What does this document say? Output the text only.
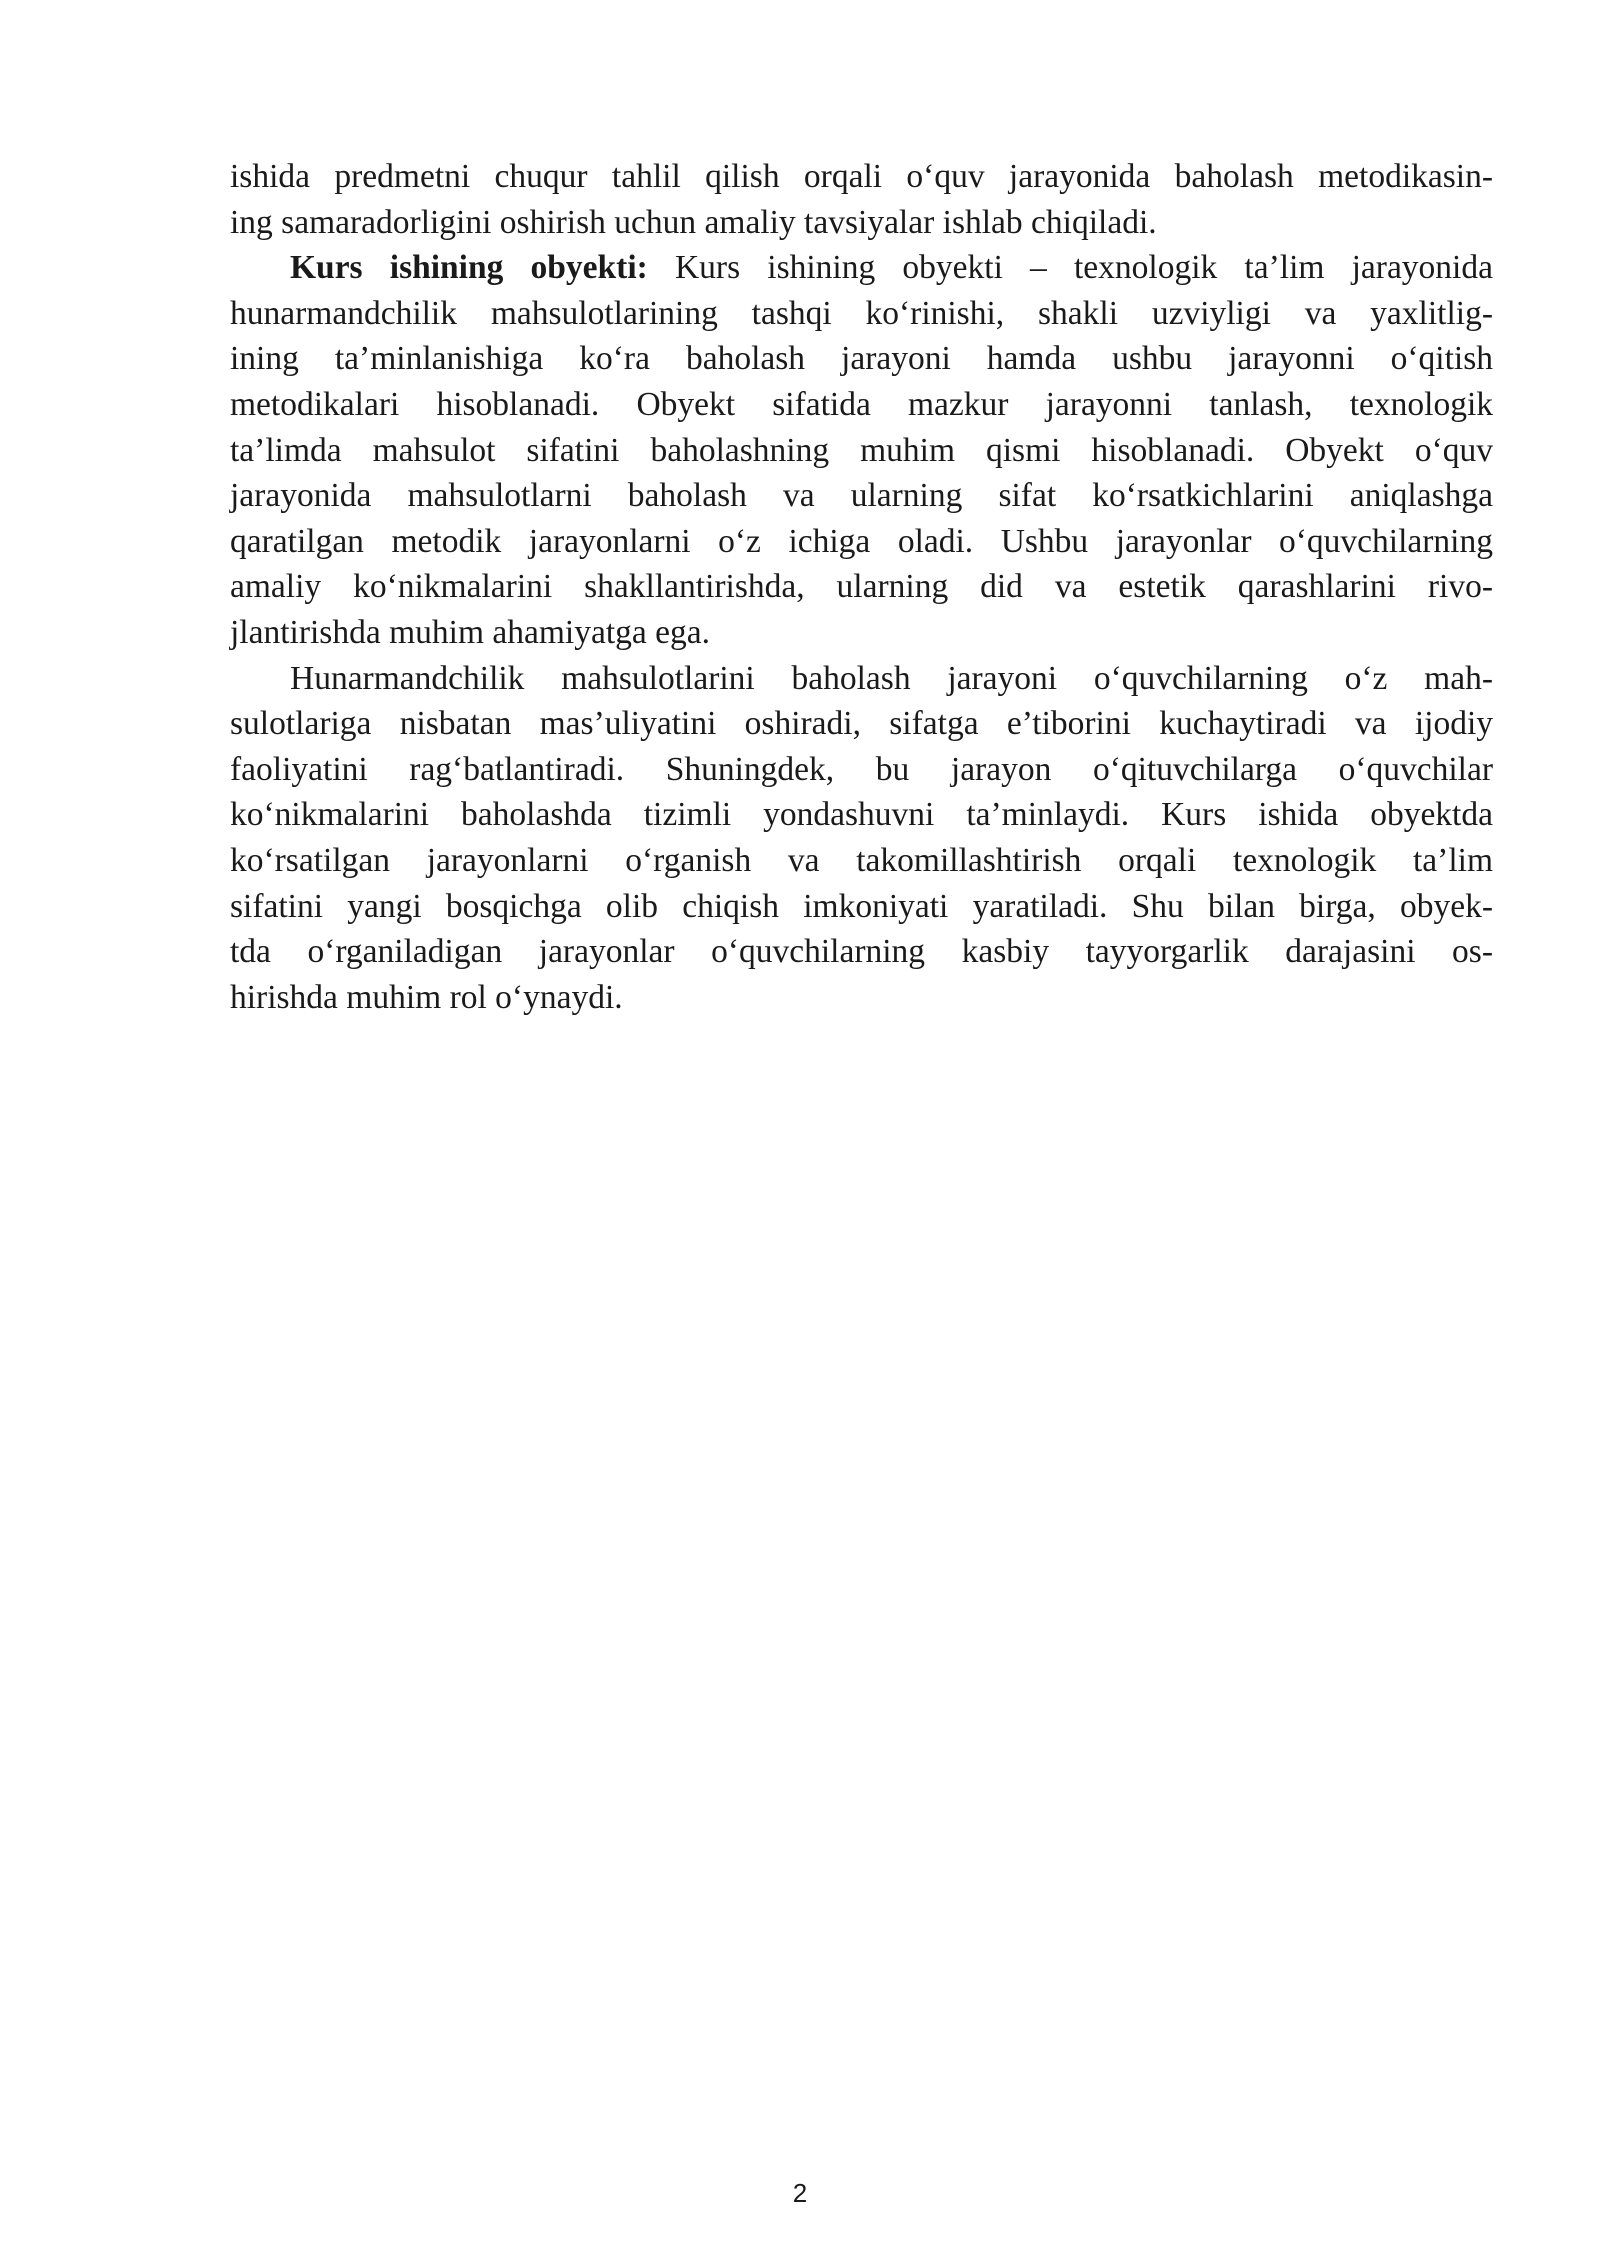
ishida predmetni chuqur tahlil qilish orqali o‘quv jarayonida baholash metodikasin-
ing samaradorligini oshirish uchun amaliy tavsiyalar ishlab chiqiladi.
Kurs ishining obyekti: Kurs ishining obyekti – texnologik ta’lim jarayonida
hunarmandchilik mahsulotlarining tashqi ko‘rinishi, shakli uzviyligi va yaxlitlig-
ining ta’minlanishiga ko‘ra baholash jarayoni hamda ushbu jarayonni o‘qitish
metodikalari hisoblanadi. Obyekt sifatida mazkur jarayonni tanlash, texnologik
ta’limda mahsulot sifatini baholashning muhim qismi hisoblanadi. Obyekt o‘quv
jarayonida mahsulotlarni baholash va ularning sifat ko‘rsatkichlarini aniqlashga
qaratilgan metodik jarayonlarni o‘z ichiga oladi. Ushbu jarayonlar o‘quvchilarning
amaliy ko‘nikmalarini shakllantirishda, ularning did va estetik qarashlarini rivo-
jlantirishda muhim ahamiyatga ega.
Hunarmandchilik mahsulotlarini baholash jarayoni o‘quvchilarning o‘z mah-
sulotlariga nisbatan mas’uliyatini oshiradi, sifatga e’tiborini kuchaytiradi va ijodiy
faoliyatini rag‘batlantiradi. Shuningdek, bu jarayon o‘qituvchilarga o‘quvchilar
ko‘nikmalarini baholashda tizimli yondashuvni ta’minlaydi. Kurs ishida obyektda
ko‘rsatilgan jarayonlarni o‘rganish va takomillashtirish orqali texnologik ta’lim
sifatini yangi bosqichga olib chiqish imkoniyati yaratiladi. Shu bilan birga, obyek-
tda o‘rganiladigan jarayonlar o‘quvchilarning kasbiy tayyorgarlik darajasini os-
hirishda muhim rol o‘ynaydi.
2
